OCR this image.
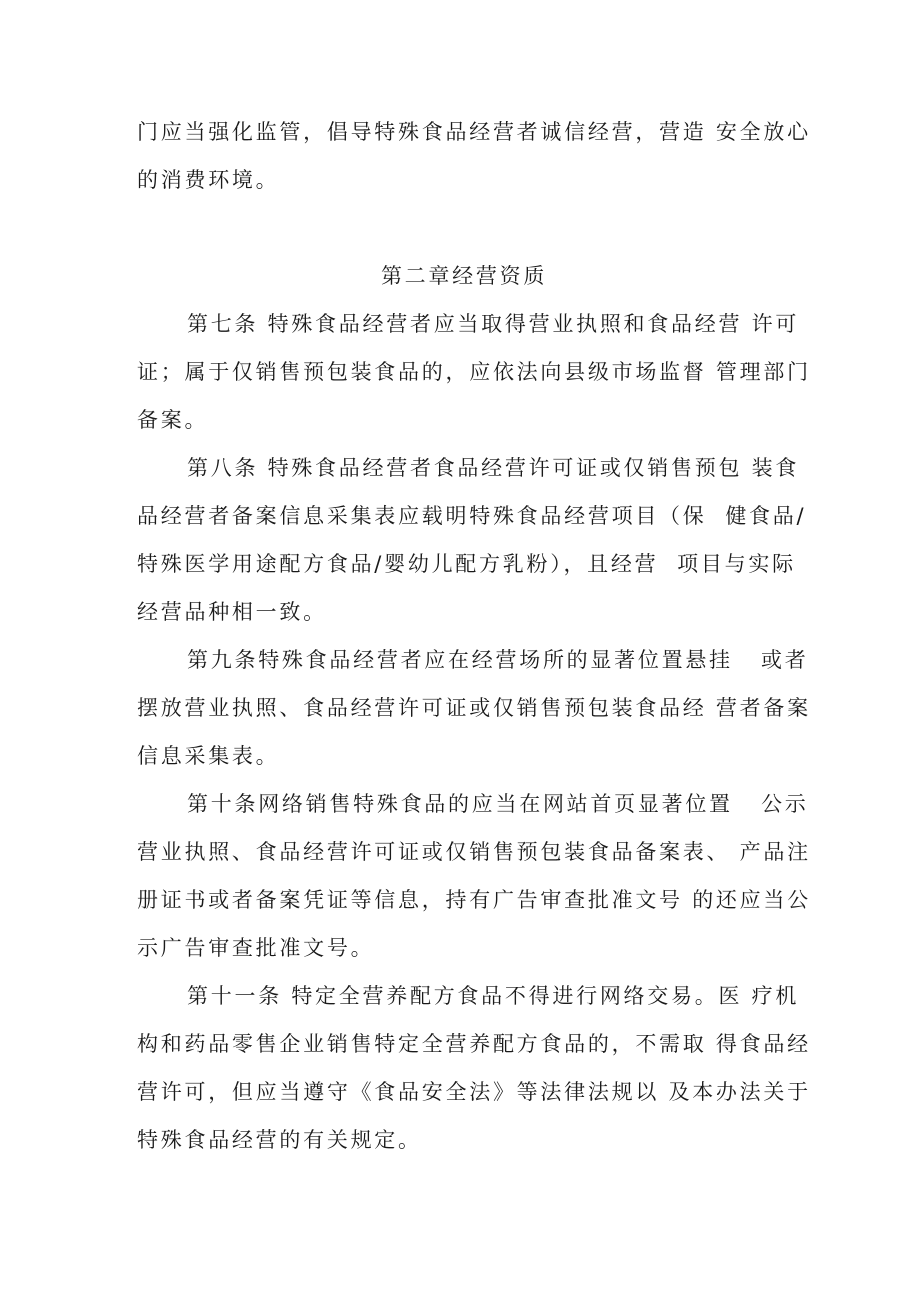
门应当强化监管，倡导特殊食品经营者诚信经营，营造 安全放心
的消费环境。
第二章经营资质
第七条 特殊食品经营者应当取得营业执照和食品经营 许可
证；属于仅销售预包装食品的，应依法向县级市场监督 管理部门
备案。
第八条 特殊食品经营者食品经营许可证或仅销售预包 装食
品经营者备案信息采集表应载明特殊食品经营项目（保  健食品/
特殊医学用途配方食品/婴幼儿配方乳粉），且经营  项目与实际
经营品种相一致。
第九条特殊食品经营者应在经营场所的显著位置悬挂   或者
摆放营业执照、食品经营许可证或仅销售预包装食品经 营者备案
信息采集表。
第十条网络销售特殊食品的应当在网站首页显著位置   公示
营业执照、食品经营许可证或仅销售预包装食品备案表、 产品注
册证书或者备案凭证等信息，持有广告审查批准文号 的还应当公
示广告审查批准文号。
第十一条 特定全营养配方食品不得进行网络交易。医 疗机
构和药品零售企业销售特定全营养配方食品的，不需取 得食品经
营许可，但应当遵守《食品安全法》等法律法规以 及本办法关于
特殊食品经营的有关规定。
